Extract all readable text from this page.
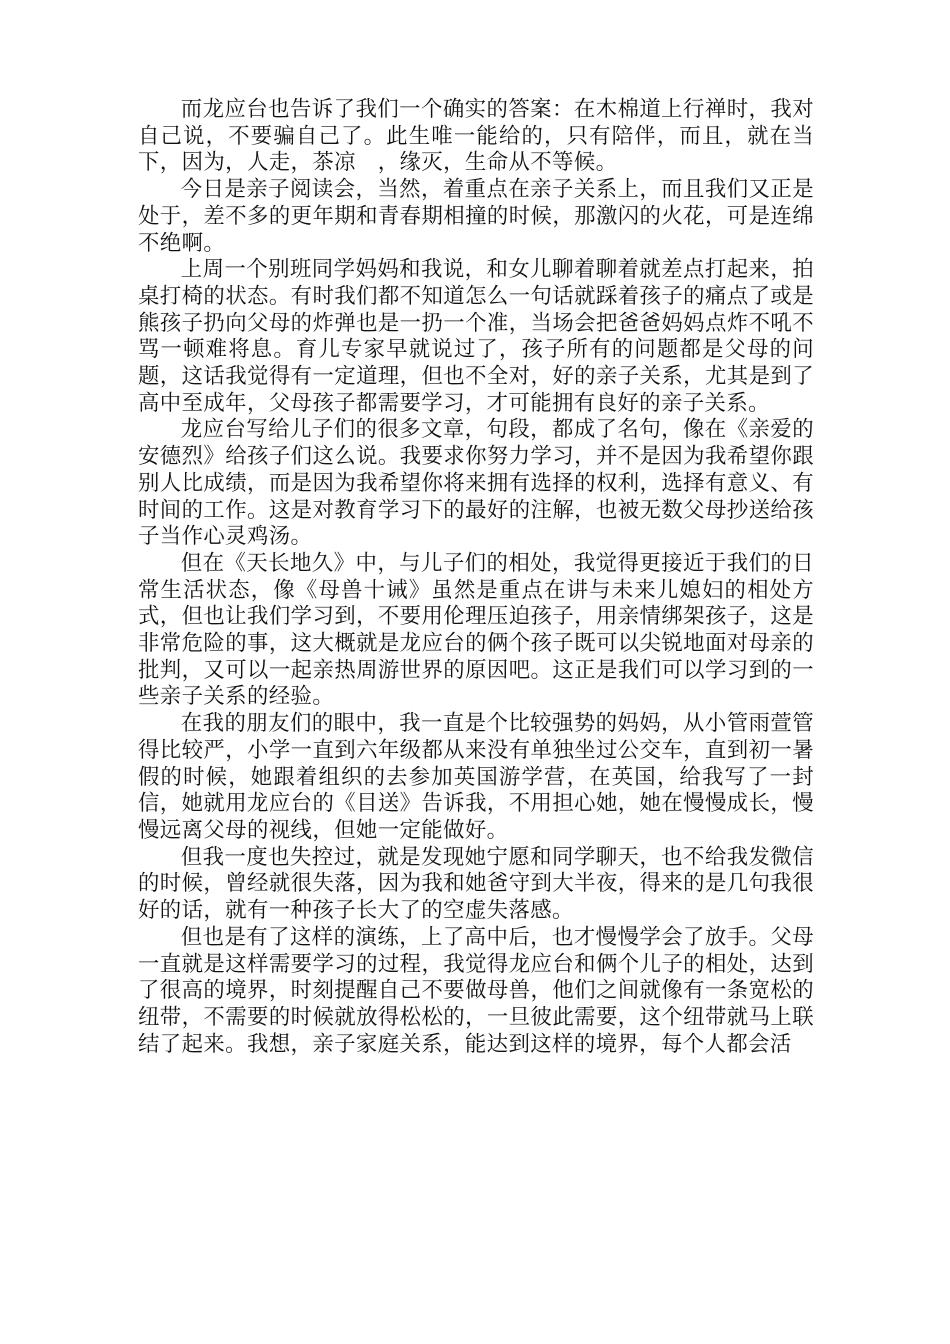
而龙应台也告诉了我们一个确实的答案：在木棉道上行禅时，我对自己说，不要骗自己了。此生唯一能给的，只有陪伴，而且，就在当下，因为，人走，茶凉　，缘灭，生命从不等候。

今日是亲子阅读会，当然，着重点在亲子关系上，而且我们又正是处于，差不多的更年期和青春期相撞的时候，那激闪的火花，可是连绵不绝啊。

上周一个别班同学妈妈和我说，和女儿聊着聊着就差点打起来，拍桌打椅的状态。有时我们都不知道怎么一句话就踩着孩子的痛点了或是熊孩子扔向父母的炸弹也是一扔一个准，当场会把爸爸妈妈点炸不吼不骂一顿难将息。育儿专家早就说过了，孩子所有的问题都是父母的问题，这话我觉得有一定道理，但也不全对，好的亲子关系，尤其是到了高中至成年，父母孩子都需要学习，才可能拥有良好的亲子关系。

龙应台写给儿子们的很多文章，句段，都成了名句，像在《亲爱的安德烈》给孩子们这么说。我要求你努力学习，并不是因为我希望你跟别人比成绩，而是因为我希望你将来拥有选择的权利，选择有意义、有时间的工作。这是对教育学习下的最好的注解，也被无数父母抄送给孩子当作心灵鸡汤。

但在《天长地久》中，与儿子们的相处，我觉得更接近于我们的日常生活状态，像《母兽十诫》虽然是重点在讲与未来儿媳妇的相处方式，但也让我们学习到，不要用伦理压迫孩子，用亲情绑架孩子，这是非常危险的事，这大概就是龙应台的俩个孩子既可以尖锐地面对母亲的批判，又可以一起亲热周游世界的原因吧。这正是我们可以学习到的一些亲子关系的经验。

在我的朋友们的眼中，我一直是个比较强势的妈妈，从小管雨萱管得比较严，小学一直到六年级都从来没有单独坐过公交车，直到初一暑假的时候，她跟着组织的去参加英国游学营，在英国，给我写了一封信，她就用龙应台的《目送》告诉我，不用担心她，她在慢慢成长，慢慢远离父母的视线，但她一定能做好。

但我一度也失控过，就是发现她宁愿和同学聊天，也不给我发微信的时候，曾经就很失落，因为我和她爸守到大半夜，得来的是几句我很好的话，就有一种孩子长大了的空虚失落感。

但也是有了这样的演练，上了高中后，也才慢慢学会了放手。父母一直就是这样需要学习的过程，我觉得龙应台和俩个儿子的相处，达到了很高的境界，时刻提醒自己不要做母兽，他们之间就像有一条宽松的纽带，不需要的时候就放得松松的，一旦彼此需要，这个纽带就马上联结了起来。我想，亲子家庭关系，能达到这样的境界，每个人都会活
